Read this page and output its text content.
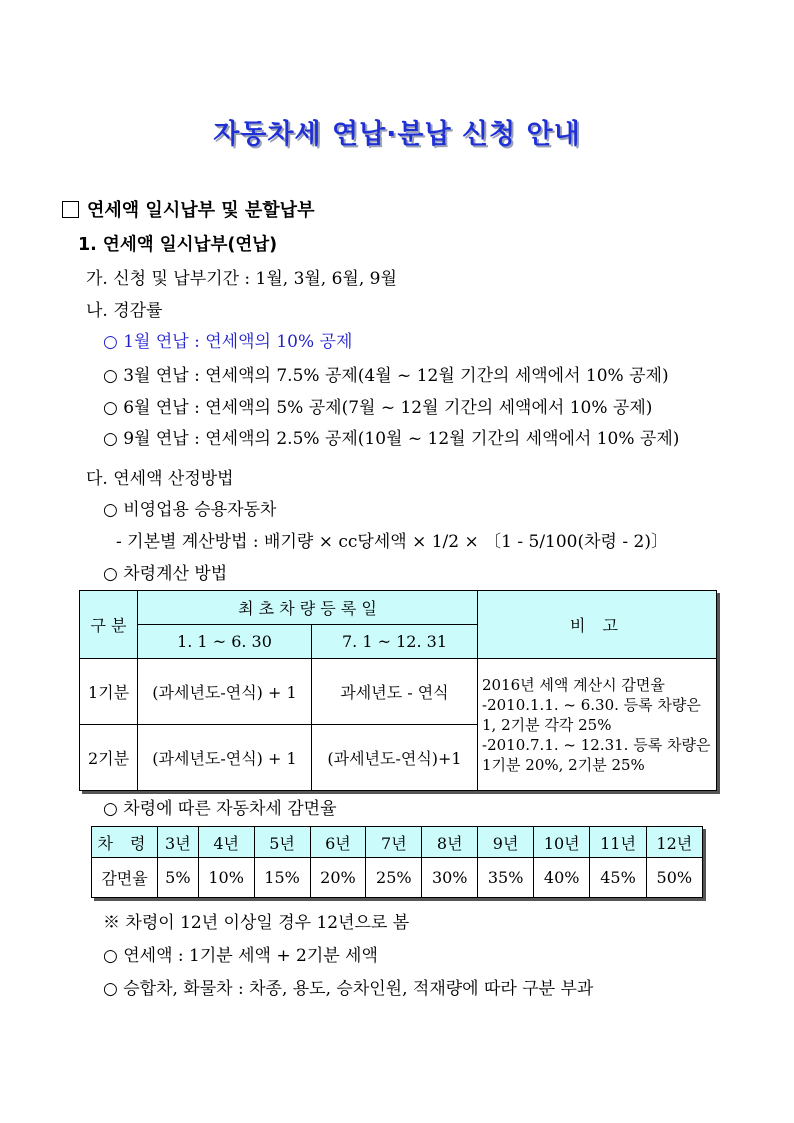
자동차세 연납·분납 신청 안내
연세액 일시납부 및 분할납부
1. 연세액 일시납부(연납)
가. 신청 및 납부기간 : 1월, 3월, 6월, 9월
나. 경감률
○ 1월 연납 : 연세액의 10% 공제
○ 3월 연납 : 연세액의 7.5% 공제(4월 ~ 12월 기간의 세액에서 10% 공제)
○ 6월 연납 : 연세액의 5% 공제(7월 ~ 12월 기간의 세액에서 10% 공제)
○ 9월 연납 : 연세액의 2.5% 공제(10월 ~ 12월 기간의 세액에서 10% 공제)
다. 연세액 산정방법
○ 비영업용 승용자동차
- 기본별 계산방법 : 배기량 × cc당세액 × 1/2 × 〔1 - 5/100(차령 - 2)〕
○ 차령계산 방법
구 분	최 초 차 량 등 록 일		비 고
	1. 1 ~ 6. 30	7. 1 ~ 12. 31	
1기분	(과세년도-연식) + 1	과세년도 - 연식	2016년 세액 계산시 감면율
-2010.1.1. ~ 6.30. 등록 차량은 1, 2기분 각각 25%
-2010.7.1. ~ 12.31. 등록 차량은 1기분 20%, 2기분 25%

2기분	(과세년도-연식) + 1	(과세년도-연식)+1	
○ 차령에 따른 자동차세 감면율
차 령	3년	4년	5년	6년	7년	8년	9년	10년	11년	12년
감면율	5%	10%	15%	20%	25%	30%	35%	40%	45%	50%
※ 차령이 12년 이상일 경우 12년으로 봄
○ 연세액 : 1기분 세액 + 2기분 세액
○ 승합차, 화물차 : 차종, 용도, 승차인원, 적재량에 따라 구분 부과
